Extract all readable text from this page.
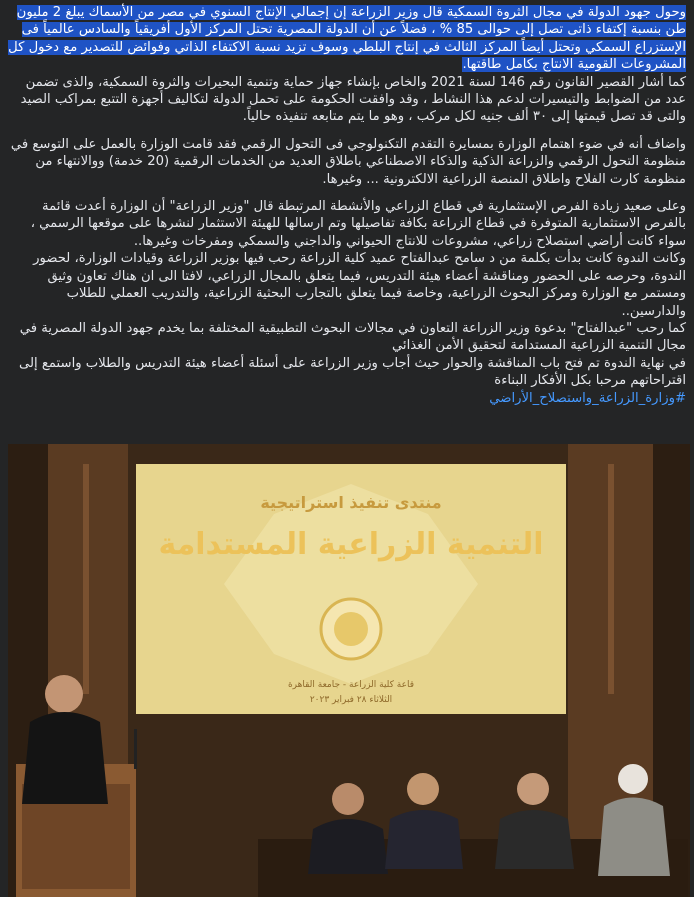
وحول جهود الدولة في مجال الثروة السمكية قال وزير الزراعة إن إجمالي الإنتاج السنوي في مصر من الأسماك يبلغ 2 مليون طن بنسبة إكتفاء ذاتى تصل إلى حوالى 85 % ، فضلاً عن أن الدولة المصرية تحتل المركز الأول أفريقياً والسادس عالمياً فى الإستزراع السمكي وتحتل أيضاً المركز الثالث في إنتاج البلطي وسوف تزيد نسبة الاكتفاء الذاتي وفوائض للتصدير مع دخول كل المشروعات القومية الانتاج بكامل طاقتها.

كما أشار القصير القانون رقم 146 لسنة 2021 والخاص بإنشاء جهاز حماية وتنمية البحيرات والثروة السمكية، والذى تضمن عدد من الضوابط والتيسيرات لدعم هذا النشاط ، وقد وافقت الحكومة على تحمل الدولة لتكاليف أجهزة التتبع بمراكب الصيد والتى قد تصل قيمتها إلى ٣٠ ألف جنيه لكل مركب ، وهو ما يتم متابعه تنفيذه حالياً.

واضاف أنه في ضوء اهتمام الوزارة بمسايرة التقدم التكنولوجي فى التحول الرقمي فقد قامت الوزارة بالعمل على التوسع في منظومة التحول الرقمي والزراعة الذكية والذكاء الاصطناعي باطلاق العديد من الخدمات الرقمية (20 خدمة) ووالانتهاء من منظومة كارت الفلاح واطلاق المنصة الزراعية الالكترونية ... وغيرها.

وعلى صعيد زيادة الفرص الإستثمارية في قطاع الزراعي والأنشطة المرتبطة قال "وزير الزراعة" أن الوزارة أعدت قائمة بالفرص الاستثمارية المتوفرة في قطاع الزراعة بكافة تفاصيلها وتم ارسالها للهيئة الاستثمار لنشرها على موقعها الرسمي ، سواء كانت أراضي استصلاح زراعي، مشروعات للانتاج الحيواني والداجني والسمكي ومفرخات وغيرها..

وكانت الندوة كانت بدأت بكلمة من د سامح عبدالفتاح عميد كلية الزراعة رحب فيها بوزير الزراعة وقيادات الوزارة، لحضور الندوة، وحرصه على الحضور ومناقشة أعضاء هيئة التدريس، فيما يتعلق بالمجال الزراعي، لافتا الى ان هناك تعاون وثيق ومستمر مع الوزارة ومركز البحوث الزراعية، وخاصة فيما يتعلق بالتجارب البحثية الزراعية، والتدريب العملي للطلاب والدارسين..

كما رحب "عبدالفتاح" بدعوة وزير الزراعة التعاون في مجالات البحوث التطبيقية المختلفة بما يخدم جهود الدولة المصرية في مجال التنمية الزراعية المستدامة لتحقيق الأمن الغذائي

في نهاية الندوة تم فتح باب المناقشة والحوار حيث أجاب وزير الزراعة على أسئلة أعضاء هيئة التدريس والطلاب واستمع إلى اقتراحاتهم مرحبا بكل الأفكار البناءة

#وزارة_الزراعة_واستصلاح_الأراضي
منتدى تنفيذ استراتيجية
التنمية الزراعية المستدامة
قاعة كلية الزراعة - جامعة القاهرة
الثلاثاء ٢٨ فبراير ٢٠٢٣
